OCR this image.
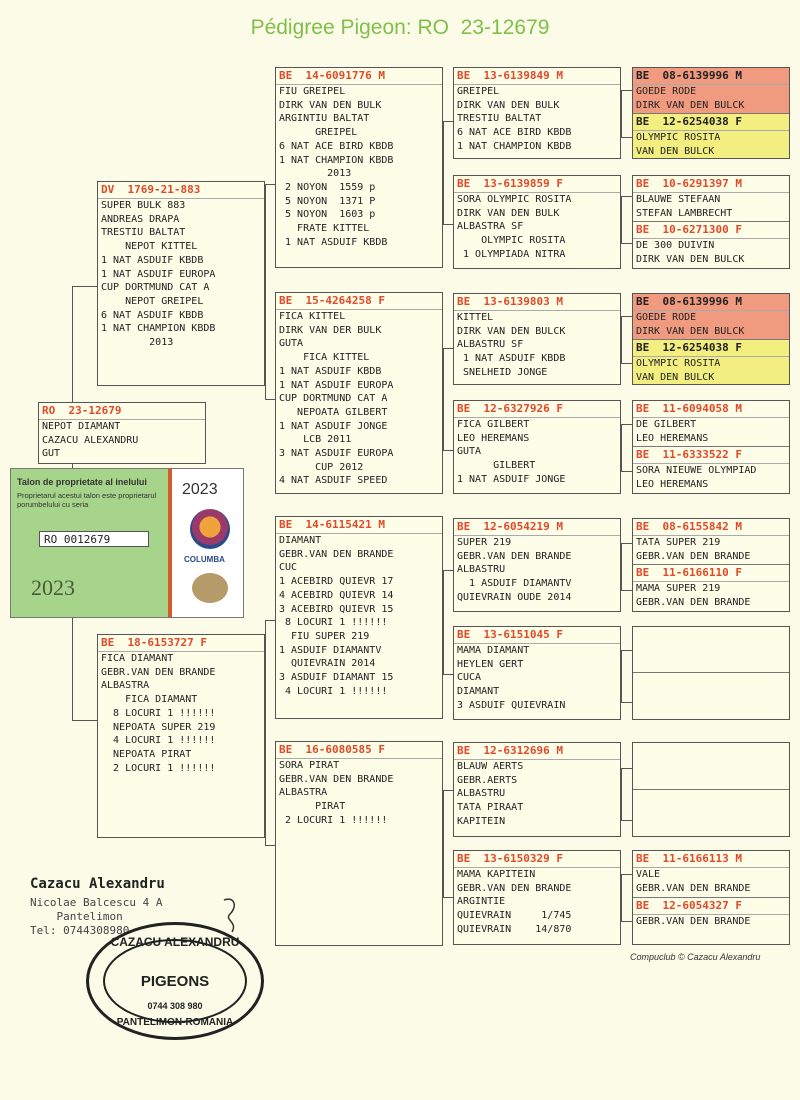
Pédigree Pigeon: RO  23-12679
RO  23-12679
NEPOT DIAMANT
CAZACU ALEXANDRU
GUT
DV  1769-21-883
SUPER BULK 883
ANDREAS DRAPA
TRESTIU BALTAT
NEPOT KITTEL
1 NAT ASDUIF KBDB
1 NAT ASDUIF EUROPA
CUP DORTMUND CAT A
NEPOT GREIPEL
6 NAT ASDUIF KBDB
1 NAT CHAMPION KBDB
2013
BE  18-6153727 F
FICA DIAMANT
GEBR.VAN DEN BRANDE
ALBASTRA
FICA DIAMANT
8 LOCURI 1 !!!!!!
NEPOATA SUPER 219
4 LOCURI 1 !!!!!!
NEPOATA PIRAT
2 LOCURI 1 !!!!!!
BE  14-6091776 M
FIU GREIPEL
DIRK VAN DEN BULK
ARGINTIU BALTAT
GREIPEL
6 NAT ACE BIRD KBDB
1 NAT CHAMPION KBDB
2013
2 NOYON  1559 p
5 NOYON  1371 P
5 NOYON  1603 p
FRATE KITTEL
1 NAT ASDUIF KBDB
BE  15-4264258 F
FICA KITTEL
DIRK VAN DER BULK
GUTA
FICA KITTEL
1 NAT ASDUIF KBDB
1 NAT ASDUIF EUROPA
CUP DORTMUND CAT A
NEPOATA GILBERT
1 NAT ASDUIF JONGE
LCB 2011
3 NAT ASDUIF EUROPA
CUP 2012
4 NAT ASDUIF SPEED
BE  14-6115421 M
DIAMANT
GEBR.VAN DEN BRANDE
CUC
1 ACEBIRD QUIEVR 17
4 ACEBIRD QUIEVR 14
3 ACEBIRD QUIEVR 15
8 LOCURI 1 !!!!!!
FIU SUPER 219
1 ASDUIF DIAMANTV
QUIEVRAIN 2014
3 ASDUIF DIAMANT 15
4 LOCURI 1 !!!!!!
BE  16-6080585 F
SORA PIRAT
GEBR.VAN DEN BRANDE
ALBASTRA
PIRAT
2 LOCURI 1 !!!!!!
BE  13-6139849 M
GREIPEL
DIRK VAN DEN BULK
TRESTIU BALTAT
6 NAT ACE BIRD KBDB
1 NAT CHAMPION KBDB
BE  13-6139859 F
SORA OLYMPIC ROSITA
DIRK VAN DEN BULK
ALBASTRA SF
OLYMPIC ROSITA
1 OLYMPIADA NITRA
BE  13-6139803 M
KITTEL
DIRK VAN DEN BULCK
ALBASTRU SF
1 NAT ASDUIF KBDB
SNELHEID JONGE
BE  12-6327926 F
FICA GILBERT
LEO HEREMANS
GUTA
GILBERT
1 NAT ASDUIF JONGE
BE  12-6054219 M
SUPER 219
GEBR.VAN DEN BRANDE
ALBASTRU
1 ASDUIF DIAMANTV
QUIEVRAIN OUDE 2014
BE  13-6151045 F
MAMA DIAMANT
HEYLEN GERT
CUCA
DIAMANT
3 ASDUIF QUIEVRAIN
BE  12-6312696 M
BLAUW AERTS
GEBR.AERTS
ALBASTRU
TATA PIRAAT
KAPITEIN
BE  13-6150329 F
MAMA KAPITEIN
GEBR.VAN DEN BRANDE
ARGINTIE
QUIEVRAIN     1/745
QUIEVRAIN    14/870
BE  08-6139996 M
GOEDE RODE
DIRK VAN DEN BULCK
BE  12-6254038 F
OLYMPIC ROSITA
VAN DEN BULCK
BE  10-6291397 M
BLAUWE STEFAAN
STEFAN LAMBRECHT
BE  10-6271300 F
DE 300 DUIVIN
DIRK VAN DEN BULCK
BE  08-6139996 M
GOEDE RODE
DIRK VAN DEN BULCK
BE  12-6254038 F
OLYMPIC ROSITA
VAN DEN BULCK
BE  11-6094058 M
DE GILBERT
LEO HEREMANS
BE  11-6333522 F
SORA NIEUWE OLYMPIAD
LEO HEREMANS
BE  08-6155842 M
TATA SUPER 219
GEBR.VAN DEN BRANDE
BE  11-6166110 F
MAMA SUPER 219
GEBR.VAN DEN BRANDE
BE  11-6166113 M
VALE
GEBR.VAN DEN BRANDE
BE  12-6054327 F
GEBR.VAN DEN BRANDE
Talon de proprietate al inelului
Proprietarul acestui talon este proprietarul porumbelului cu seria
RO 0012679
2023
2023
COLUMBA
Cazacu Alexandru
Nicolae Balcescu 4 A
Pantelimon
Tel: 0744308980
Compuclub © Cazacu Alexandru
CAZACU ALEXANDRU
PIGEONS
0744 308 980
PANTELIMON-ROMANIA
